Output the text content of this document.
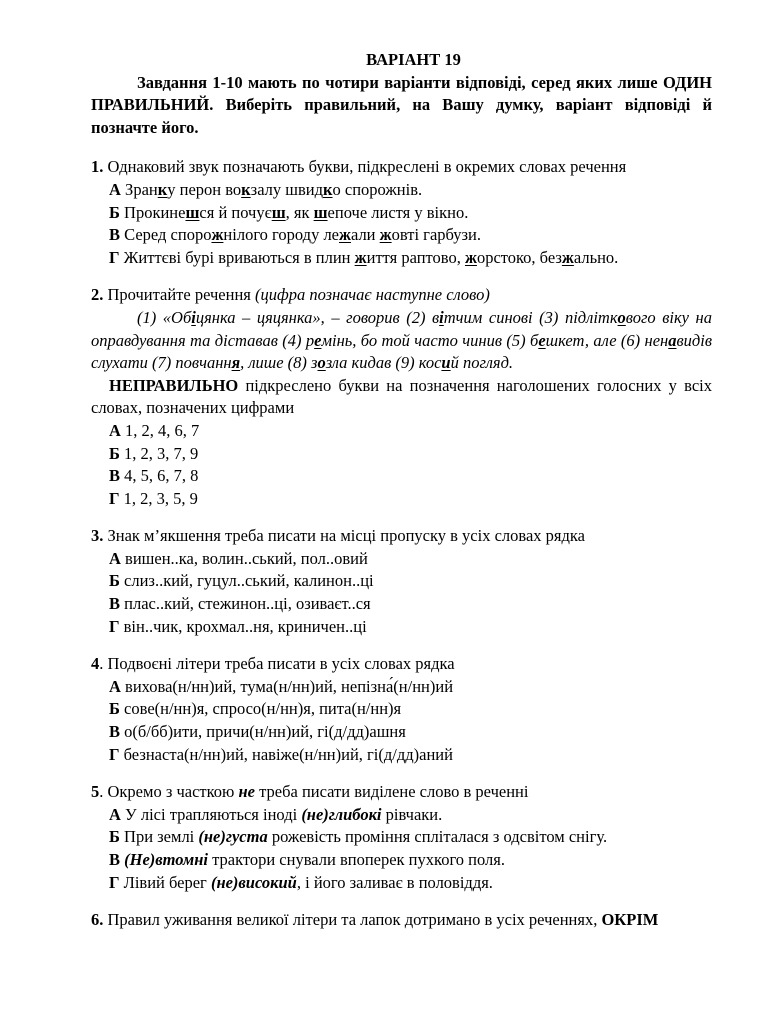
ВАРІАНТ 19

Завдання 1-10 мають по чотири варіанти відповіді, серед яких лише ОДИН ПРАВИЛЬНИЙ. Виберіть правильний, на Вашу думку, варіант відповіді й позначте його.

1. Однаковий звук позначають букви, підкреслені в окремих словах речення

А Зранку перон вокзалу швидко спорожнів.

Б Прокинешся й почуєш, як шепоче листя у вікно.

В Серед спорожнілого городу лежали жовті гарбузи.

Г Життєві бурі вриваються в плин життя раптово, жорстоко, безжально.

2. Прочитайте речення (цифра позначає наступне слово)

(1) «Обіцянка – цяцянка», – говорив (2) вітчим синові (3) підліткового віку на оправдування та діставав (4) ремінь, бо той часто чинив (5) бешкет, але (6) ненавидів слухати (7) повчання, лише (8) зозла кидав (9) косий погляд.

НЕПРАВИЛЬНО підкреслено букви на позначення наголошених голосних у всіх словах, позначених цифрами

А 1, 2, 4, 6, 7

Б 1, 2, 3, 7, 9

В 4, 5, 6, 7, 8

Г 1, 2, 3, 5, 9

3. Знак м’якшення треба писати на місці пропуску в усіх словах рядка

А вишен..ка, волин..ський, пол..овий

Б слиз..кий, гуцул..ський, калинон..ці

В плас..кий, стежинон..ці, озиваєт..ся

Г він..чик, крохмал..ня, криничен..ці

4. Подвоєні літери треба писати в усіх словах рядка

А вихова(н/нн)ий, тума(н/нн)ий, непізна́(н/нн)ий

Б сове(н/нн)я, спросо(н/нн)я, пита(н/нн)я

В о(б/бб)ити, причи(н/нн)ий, гі(д/дд)ашня

Г безнаста(н/нн)ий, навіже(н/нн)ий, гі(д/дд)аний

5. Окремо з часткою не треба писати виділене слово в реченні

А У лісі трапляються іноді (не)глибокі рівчаки.

Б При землі (не)густа рожевість проміння сплiталася з одсвітом снігу.

В (Не)втомні трактори снували впоперек пухкого поля.

Г Лівий берег (не)високий, і його заливає в половіддя.

6. Правил уживання великої літери та лапок дотримано в усіх реченнях, ОКРІМ
